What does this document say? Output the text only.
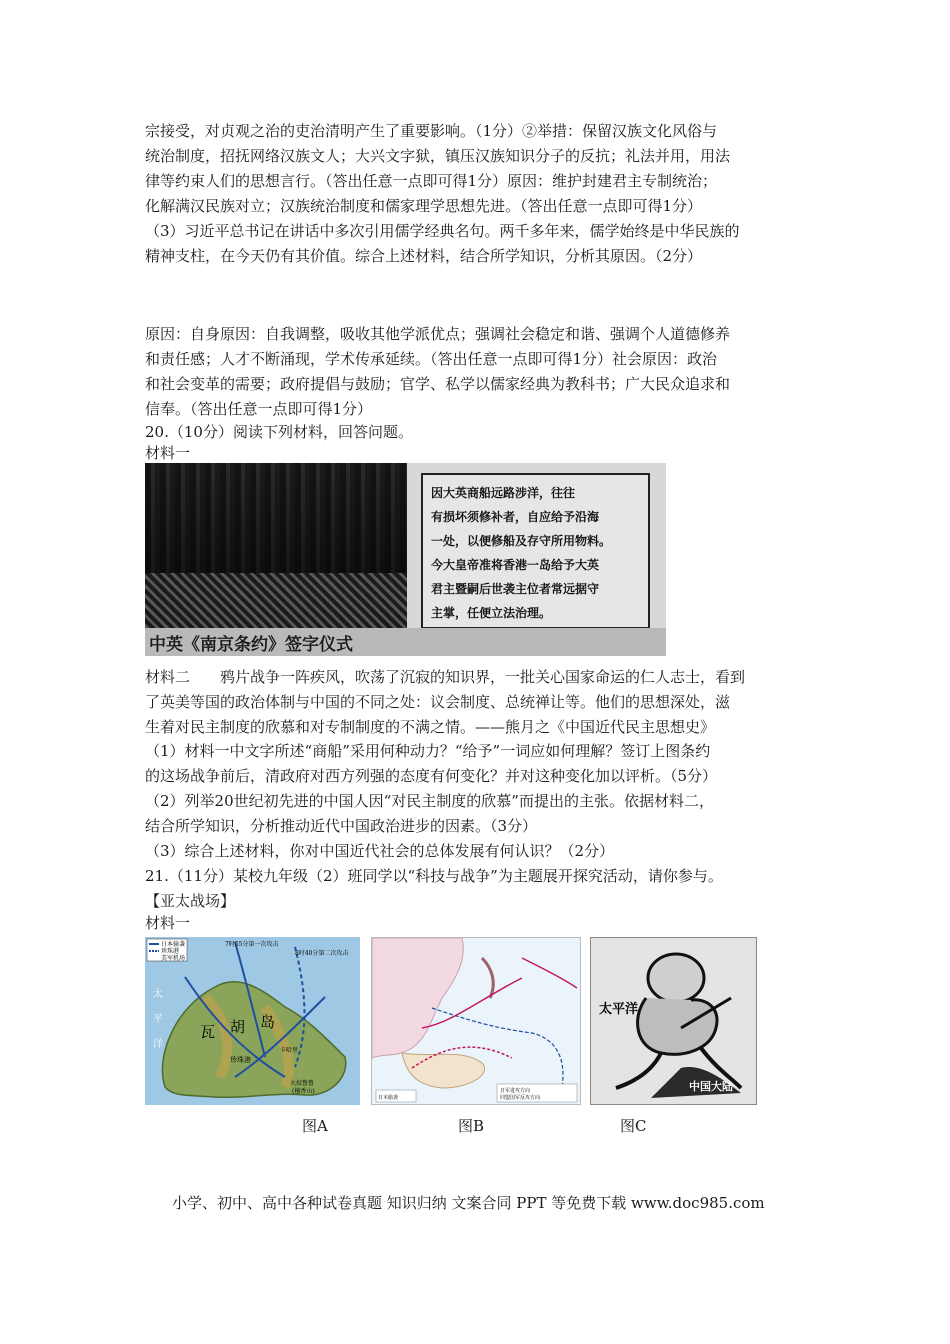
宗接受，对贞观之治的吏治清明产生了重要影响。（1分）②举措：保留汉族文化风俗与
统治制度，招抚网络汉族文人；大兴文字狱，镇压汉族知识分子的反抗；礼法并用，用法
律等约束人们的思想言行。（答出任意一点即可得1分）原因：维护封建君主专制统治；
化解满汉民族对立；汉族统治制度和儒家理学思想先进。（答出任意一点即可得1分）
（3）习近平总书记在讲话中多次引用儒学经典名句。两千多年来，儒学始终是中华民族的
精神支柱，在今天仍有其价值。综合上述材料，结合所学知识，分析其原因。（2分）
原因：自身原因：自我调整，吸收其他学派优点；强调社会稳定和谐、强调个人道德修养
和责任感；人才不断涌现，学术传承延续。（答出任意一点即可得1分）社会原因：政治
和社会变革的需要；政府提倡与鼓励；官学、私学以儒家经典为教科书；广大民众追求和
信奉。（答出任意一点即可得1分）
20.（10分）阅读下列材料，回答问题。
材料一
因大英商船远路涉洋，往往
有损坏须修补者，自应给予沿海
一处，以便修船及存守所用物料。
今大皇帝准将香港一岛给予大英
君主暨嗣后世袭主位者常远据守
主掌，任便立法治理。
中英《南京条约》签字仪式
材料二　　鸦片战争一阵疾风，吹荡了沉寂的知识界，一批关心国家命运的仁人志士，看到
了英美等国的政治体制与中国的不同之处：议会制度、总统禅让等。他们的思想深处，滋
生着对民主制度的欣慕和对专制制度的不满之情。——熊月之《中国近代民主思想史》
（1）材料一中文字所述“商船”采用何种动力？“给予”一词应如何理解？签订上图条约
的这场战争前后，清政府对西方列强的态度有何变化？并对这种变化加以评析。（5分）
（2）列举20世纪初先进的中国人因“对民主制度的欣慕”而提出的主张。依据材料二，
结合所学知识，分析推动近代中国政治进步的因素。（3分）
（3）综合上述材料，你对中国近代社会的总体发展有何认识？（2分）
21.（11分）某校九年级（2）班同学以“科技与战争”为主题展开探究活动，请你参与。
【亚太战场】
材料一
日本偷袭
珍珠港
美军机场
7时55分第一次攻击
8时40分第二次攻击
太
平
洋
瓦 胡 岛
珍珠港
卡哈里
火奴鲁鲁
(檀香山)
日本偷袭
日军进攻方向
同盟国军反攻方向
太平洋
中国大陆
图A	图B	图C
小学、初中、高中各种试卷真题 知识归纳 文案合同 PPT 等免费下载 www.doc985.com
